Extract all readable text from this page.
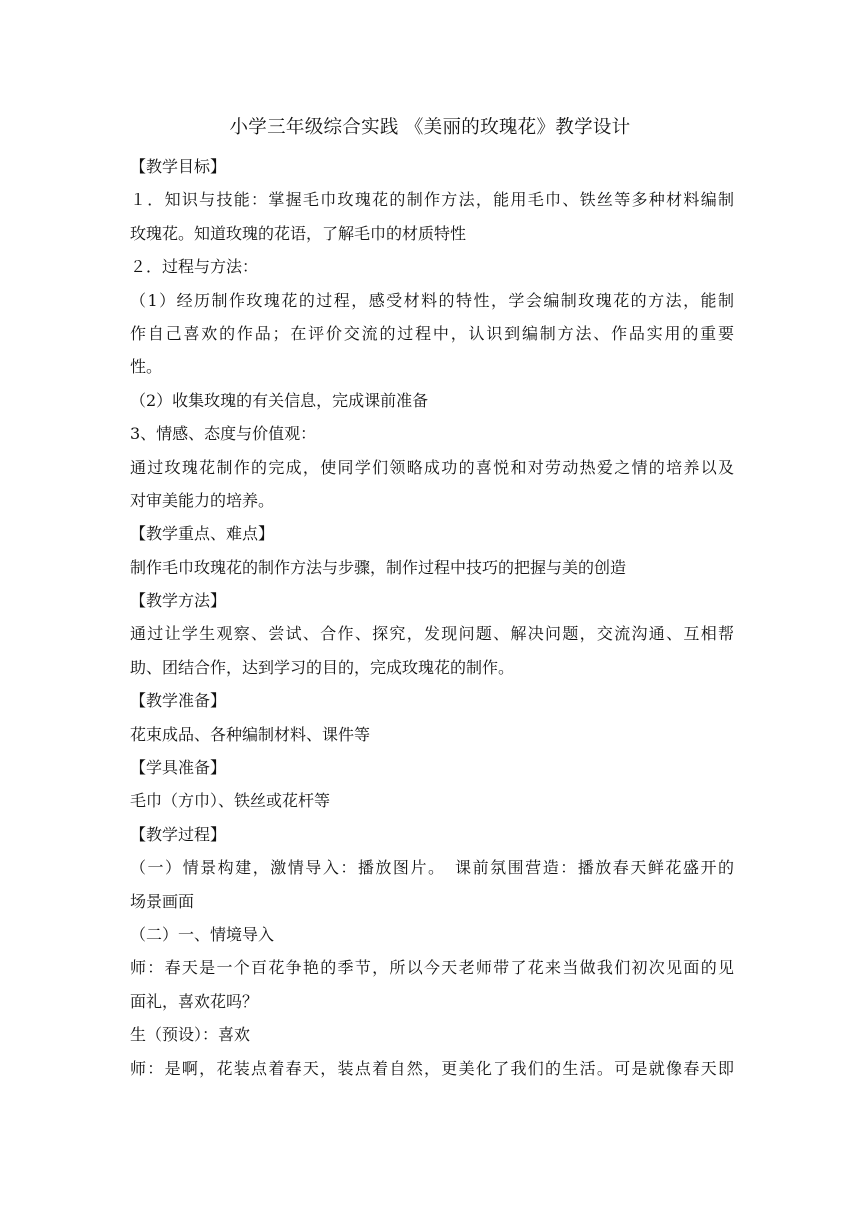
小学三年级综合实践 《美丽的玫瑰花》教学设计
【教学目标】
１．知识与技能：掌握毛巾玫瑰花的制作方法，能用毛巾、铁丝等多种材料编制
玫瑰花。知道玫瑰的花语，了解毛巾的材质特性
２．过程与方法：
（1）经历制作玫瑰花的过程，感受材料的特性，学会编制玫瑰花的方法，能制
作自己喜欢的作品；在评价交流的过程中，认识到编制方法、作品实用的重要
性。
（2）收集玫瑰的有关信息，完成课前准备
3、情感、态度与价值观：
通过玫瑰花制作的完成，使同学们领略成功的喜悦和对劳动热爱之情的培养以及
对审美能力的培养。
【教学重点、难点】
制作毛巾玫瑰花的制作方法与步骤，制作过程中技巧的把握与美的创造
【教学方法】
通过让学生观察、尝试、合作、探究，发现问题、解决问题，交流沟通、互相帮
助、团结合作，达到学习的目的，完成玫瑰花的制作。
【教学准备】
花束成品、各种编制材料、课件等
【学具准备】
毛巾（方巾）、铁丝或花杆等
【教学过程】
（一）情景构建，激情导入：播放图片。　课前氛围营造：播放春天鲜花盛开的
场景画面
（二）一、情境导入
师：春天是一个百花争艳的季节，所以今天老师带了花来当做我们初次见面的见
面礼，喜欢花吗？
生（预设）：喜欢
师：是啊，花装点着春天，装点着自然，更美化了我们的生活。可是就像春天即
